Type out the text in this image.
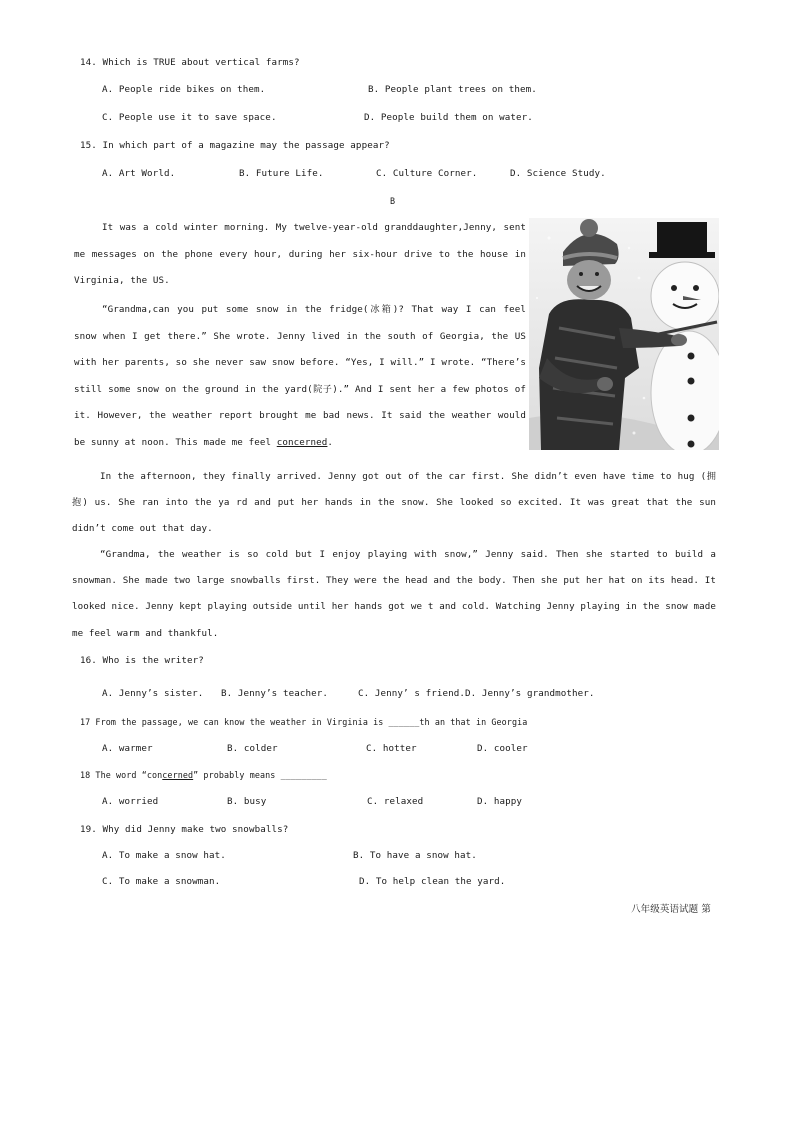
14. Which is TRUE about vertical farms?
A. People ride bikes on them.	B. People plant trees on them.
C. People use it to save space.	D. People build them on water.
15. In which part of a magazine may the passage appear?
A. Art World.	B. Future Life.	C. Culture Corner.	D. Science Study.
B
It was a cold winter morning. My twelve-year-old granddaughter,Jenny, sent me messages on the phone every hour, during her six-hour drive to the house in Virginia, the US.
“Grandma,can you put some snow in the fridge(冰箱)? That way I can feel snow when I get there.” She wrote. Jenny lived in the south of Georgia, the US with her parents, so she never saw snow before. “Yes, I will.” I wrote. “There’s still some snow on the ground in the yard(院子).” And I sent her a few photos of it. However, the weather report brought me bad news. It said the weather would be sunny at noon. This made me feel concerned.
In the afternoon, they finally arrived. Jenny got out of the car first. She didn’t even have time to hug (拥抱) us. She ran into the ya rd and put her hands in the snow. She looked so excited. It was great that the sun didn’t come out that day.
“Grandma, the weather is so cold but I enjoy playing with snow,” Jenny said. Then she started to build a snowman. She made two large snowballs first. They were the head and the body. Then she put her hat on its head. It looked nice. Jenny kept playing outside until her hands got we t and cold. Watching Jenny playing in the snow made me feel warm and thankful.
16. Who is the writer?
A. Jenny’s sister. B. Jenny’s teacher.	C. Jenny’ s friend.D. Jenny’s grandmother.
17 From the passage, we can know the weather in Virginia is ______th an that in Georgia
A. warmer	B. colder	C. hotter	D. cooler
18 The word “concerned” probably means _________
A. worried	B. busy	C. relaxed	D. happy
19. Why did Jenny make two snowballs?
A. To make a snow hat.	B. To have a snow hat.
C. To make a snowman.	D. To help clean the yard.
八年级英语试题 第
